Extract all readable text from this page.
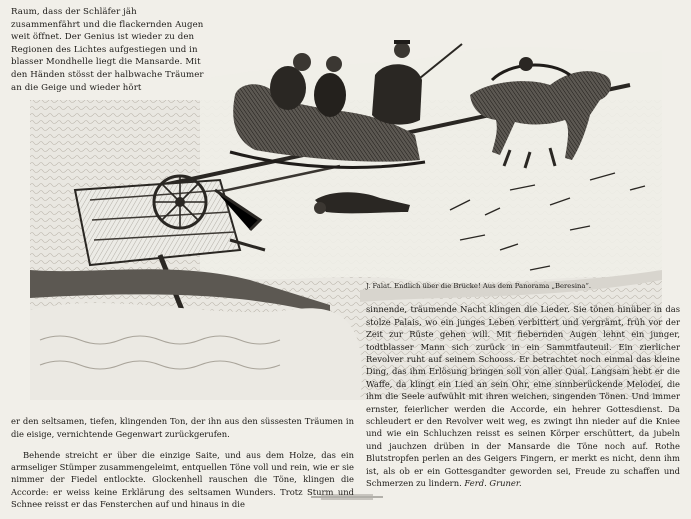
Raum, dass der Schläfer jäh zusammenfährt und die flackernden Augen weit öffnet. Der Genius ist wieder zu den Regionen des Lichtes aufgestiegen und in blasser Mondhelle liegt die Mansarde. Mit den Händen stösst der halbwache Träumer an die Geige und wieder hört

J. Falat. Endlich über die Brücke! Aus dem Panorama „Beresina“.

sinnende, träumende Nacht klingen die Lieder. Sie tönen hinüber in das stolze Palais, wo ein junges Leben verbittert und vergrämt, früh vor der Zeit zur Rüste gehen will. Mit fiebernden Augen lehnt ein junger, todtblasser Mann sich zurück in ein Sammtfauteuil. Ein zierlicher Revolver ruht auf seinem Schooss. Er betrachtet noch einmal das kleine Ding, das ihm Erlösung bringen soll von aller Qual. Langsam hebt er die Waffe, da klingt ein Lied an sein Ohr, eine sinnberückende Melodei, die ihm die Seele aufwühlt mit ihren weichen, singenden Tönen. Und immer ernster, feierlicher werden die Accorde, ein hehrer Gottesdienst. Da schleudert er den Revolver weit weg, es zwingt ihn nieder auf die Kniee und wie ein Schluchzen reisst es seinen Körper erschüttert, da jubeln und jauchzen drüben in der Mansarde die Töne noch auf. Rothe Blutstropfen perlen an des Geigers Fingern, er merkt es nicht, denn ihm ist, als ob er ein Gottesgandter geworden sei, Freude zu schaffen und Schmerzen zu lindern. Ferd. Gruner.

er den seltsamen, tiefen, klingenden Ton, der ihn aus den süssesten Träumen in die eisige, vernichtende Gegenwart zurückgerufen.

Behende streicht er über die einzige Saite, und aus dem Holze, das ein armseliger Stümper zusammengeleimt, entquellen Töne voll und rein, wie er sie nimmer der Fiedel entlockte. Glockenhell rauschen die Töne, klingen die Accorde: er weiss keine Erklärung des seltsamen Wunders. Trotz Sturm und Schnee reisst er das Fensterchen auf und hinaus in die
